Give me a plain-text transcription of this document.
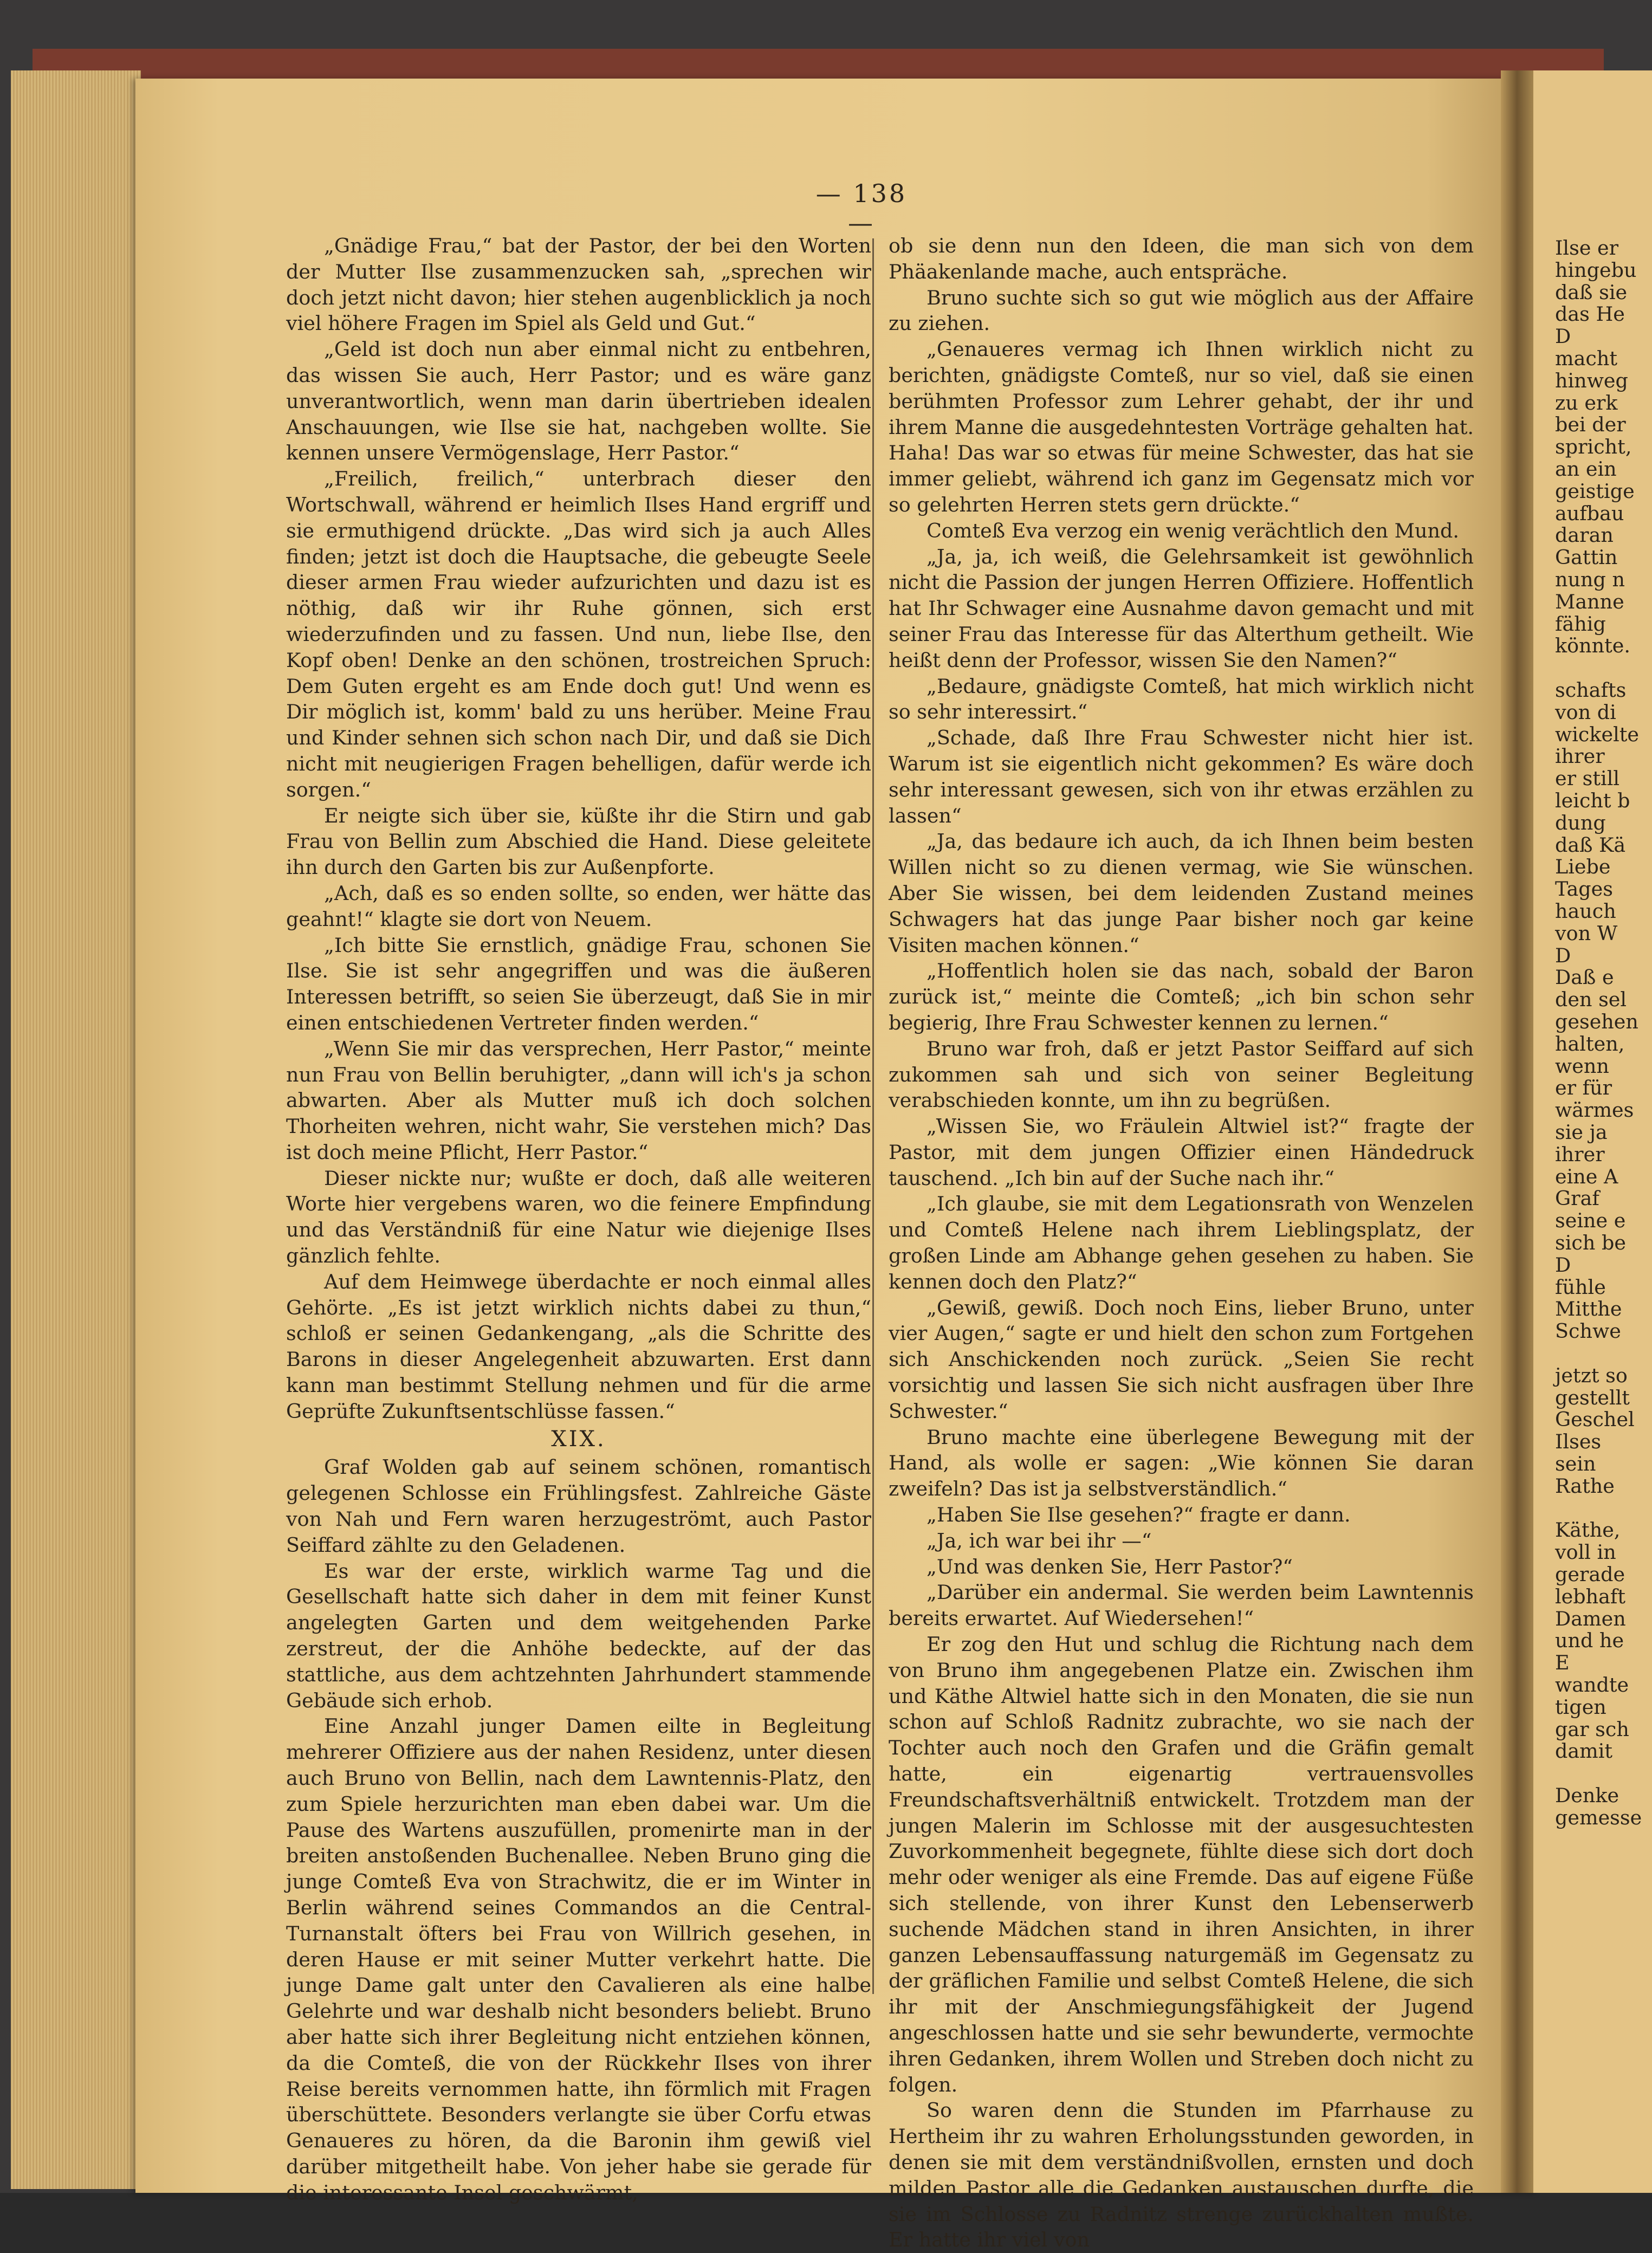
— 138 —

„Gnädige Frau,“ bat der Pastor, der bei den Worten der Mutter Ilse zusammenzucken sah, „sprechen wir doch jetzt nicht davon; hier stehen augenblicklich ja noch viel höhere Fragen im Spiel als Geld und Gut.“

„Geld ist doch nun aber einmal nicht zu entbehren, das wissen Sie auch, Herr Pastor; und es wäre ganz unverantwortlich, wenn man darin übertrieben idealen Anschauungen, wie Ilse sie hat, nachgeben wollte. Sie kennen unsere Vermögenslage, Herr Pastor.“

„Freilich, freilich,“ unterbrach dieser den Wortschwall, während er heimlich Ilses Hand ergriff und sie ermuthigend drückte. „Das wird sich ja auch Alles finden; jetzt ist doch die Hauptsache, die gebeugte Seele dieser armen Frau wieder aufzurichten und dazu ist es nöthig, daß wir ihr Ruhe gönnen, sich erst wiederzufinden und zu fassen. Und nun, liebe Ilse, den Kopf oben! Denke an den schönen, trostreichen Spruch: Dem Guten ergeht es am Ende doch gut! Und wenn es Dir möglich ist, komm' bald zu uns herüber. Meine Frau und Kinder sehnen sich schon nach Dir, und daß sie Dich nicht mit neugierigen Fragen behelligen, dafür werde ich sorgen.“

Er neigte sich über sie, küßte ihr die Stirn und gab Frau von Bellin zum Abschied die Hand. Diese geleitete ihn durch den Garten bis zur Außenpforte.

„Ach, daß es so enden sollte, so enden, wer hätte das geahnt!“ klagte sie dort von Neuem.

„Ich bitte Sie ernstlich, gnädige Frau, schonen Sie Ilse. Sie ist sehr angegriffen und was die äußeren Interessen betrifft, so seien Sie überzeugt, daß Sie in mir einen entschiedenen Vertreter finden werden.“

„Wenn Sie mir das versprechen, Herr Pastor,“ meinte nun Frau von Bellin beruhigter, „dann will ich's ja schon abwarten. Aber als Mutter muß ich doch solchen Thorheiten wehren, nicht wahr, Sie verstehen mich? Das ist doch meine Pflicht, Herr Pastor.“

Dieser nickte nur; wußte er doch, daß alle weiteren Worte hier vergebens waren, wo die feinere Empfindung und das Verständniß für eine Natur wie diejenige Ilses gänzlich fehlte.

Auf dem Heimwege überdachte er noch einmal alles Gehörte. „Es ist jetzt wirklich nichts dabei zu thun,“ schloß er seinen Gedankengang, „als die Schritte des Barons in dieser Angelegenheit abzuwarten. Erst dann kann man bestimmt Stellung nehmen und für die arme Geprüfte Zukunftsentschlüsse fassen.“

XIX.

Graf Wolden gab auf seinem schönen, romantisch gelegenen Schlosse ein Frühlingsfest. Zahlreiche Gäste von Nah und Fern waren herzugeströmt, auch Pastor Seiffard zählte zu den Geladenen.

Es war der erste, wirklich warme Tag und die Gesellschaft hatte sich daher in dem mit feiner Kunst angelegten Garten und dem weitgehenden Parke zerstreut, der die Anhöhe bedeckte, auf der das stattliche, aus dem achtzehnten Jahrhundert stammende Gebäude sich erhob.

Eine Anzahl junger Damen eilte in Begleitung mehrerer Offiziere aus der nahen Residenz, unter diesen auch Bruno von Bellin, nach dem Lawntennis-Platz, den zum Spiele herzurichten man eben dabei war. Um die Pause des Wartens auszufüllen, promenirte man in der breiten anstoßenden Buchenallee. Neben Bruno ging die junge Comteß Eva von Strachwitz, die er im Winter in Berlin während seines Commandos an die Central-Turnanstalt öfters bei Frau von Willrich gesehen, in deren Hause er mit seiner Mutter verkehrt hatte. Die junge Dame galt unter den Cavalieren als eine halbe Gelehrte und war deshalb nicht besonders beliebt. Bruno aber hatte sich ihrer Begleitung nicht entziehen können, da die Comteß, die von der Rückkehr Ilses von ihrer Reise bereits vernommen hatte, ihn förmlich mit Fragen überschüttete. Besonders verlangte sie über Corfu etwas Genaueres zu hören, da die Baronin ihm gewiß viel darüber mitgetheilt habe. Von jeher habe sie gerade für die interessante Insel geschwärmt,

ob sie denn nun den Ideen, die man sich von dem Phäakenlande mache, auch entspräche.

Bruno suchte sich so gut wie möglich aus der Affaire zu ziehen.

„Genaueres vermag ich Ihnen wirklich nicht zu berichten, gnädigste Comteß, nur so viel, daß sie einen berühmten Professor zum Lehrer gehabt, der ihr und ihrem Manne die ausgedehntesten Vorträge gehalten hat. Haha! Das war so etwas für meine Schwester, das hat sie immer geliebt, während ich ganz im Gegensatz mich vor so gelehrten Herren stets gern drückte.“

Comteß Eva verzog ein wenig verächtlich den Mund.

„Ja, ja, ich weiß, die Gelehrsamkeit ist gewöhnlich nicht die Passion der jungen Herren Offiziere. Hoffentlich hat Ihr Schwager eine Ausnahme davon gemacht und mit seiner Frau das Interesse für das Alterthum getheilt. Wie heißt denn der Professor, wissen Sie den Namen?“

„Bedaure, gnädigste Comteß, hat mich wirklich nicht so sehr interessirt.“

„Schade, daß Ihre Frau Schwester nicht hier ist. Warum ist sie eigentlich nicht gekommen? Es wäre doch sehr interessant gewesen, sich von ihr etwas erzählen zu lassen“

„Ja, das bedaure ich auch, da ich Ihnen beim besten Willen nicht so zu dienen vermag, wie Sie wünschen. Aber Sie wissen, bei dem leidenden Zustand meines Schwagers hat das junge Paar bisher noch gar keine Visiten machen können.“

„Hoffentlich holen sie das nach, sobald der Baron zurück ist,“ meinte die Comteß; „ich bin schon sehr begierig, Ihre Frau Schwester kennen zu lernen.“

Bruno war froh, daß er jetzt Pastor Seiffard auf sich zukommen sah und sich von seiner Begleitung verabschieden konnte, um ihn zu begrüßen.

„Wissen Sie, wo Fräulein Altwiel ist?“ fragte der Pastor, mit dem jungen Offizier einen Händedruck tauschend. „Ich bin auf der Suche nach ihr.“

„Ich glaube, sie mit dem Legationsrath von Wenzelen und Comteß Helene nach ihrem Lieblingsplatz, der großen Linde am Abhange gehen gesehen zu haben. Sie kennen doch den Platz?“

„Gewiß, gewiß. Doch noch Eins, lieber Bruno, unter vier Augen,“ sagte er und hielt den schon zum Fortgehen sich Anschickenden noch zurück. „Seien Sie recht vorsichtig und lassen Sie sich nicht ausfragen über Ihre Schwester.“

Bruno machte eine überlegene Bewegung mit der Hand, als wolle er sagen: „Wie können Sie daran zweifeln? Das ist ja selbstverständlich.“

„Haben Sie Ilse gesehen?“ fragte er dann.

„Ja, ich war bei ihr —“

„Und was denken Sie, Herr Pastor?“

„Darüber ein andermal. Sie werden beim Lawntennis bereits erwartet. Auf Wiedersehen!“

Er zog den Hut und schlug die Richtung nach dem von Bruno ihm angegebenen Platze ein. Zwischen ihm und Käthe Altwiel hatte sich in den Monaten, die sie nun schon auf Schloß Radnitz zubrachte, wo sie nach der Tochter auch noch den Grafen und die Gräfin gemalt hatte, ein eigenartig vertrauensvolles Freundschaftsverhältniß entwickelt. Trotzdem man der jungen Malerin im Schlosse mit der ausgesuchtesten Zuvorkommenheit begegnete, fühlte diese sich dort doch mehr oder weniger als eine Fremde. Das auf eigene Füße sich stellende, von ihrer Kunst den Lebenserwerb suchende Mädchen stand in ihren Ansichten, in ihrer ganzen Lebensauffassung naturgemäß im Gegensatz zu der gräflichen Familie und selbst Comteß Helene, die sich ihr mit der Anschmiegungsfähigkeit der Jugend angeschlossen hatte und sie sehr bewunderte, vermochte ihren Gedanken, ihrem Wollen und Streben doch nicht zu folgen.

So waren denn die Stunden im Pfarrhause zu Hertheim ihr zu wahren Erholungsstunden geworden, in denen sie mit dem verständnißvollen, ernsten und doch milden Pastor alle die Gedanken austauschen durfte, die sie im Schlosse zu Radnitz strenge zurückhalten mußte. Er hatte ihr viel von

Ilse er
hingebu
daß sie
das He
D
macht
hinweg
zu erk
bei der
spricht,
an ein
geistige
aufbau
daran
Gattin
nung n
Manne
fähig
könnte.
schafts
von di
wickelte
ihrer
er still
leicht b
dung
daß Kä
Liebe
Tages
hauch
von W
D
Daß e
den sel
gesehen
halten,
wenn
er für
wärmes
sie ja
ihrer
eine A
Graf
seine e
sich be
D
fühle
Mitthe
Schwe
jetzt so
gestellt
Geschel
Ilses
sein
Rathe
Käthe,
voll in
gerade
lebhaft
Damen
und he
E
wandte
tigen
gar sch
damit
Denke
gemesse
